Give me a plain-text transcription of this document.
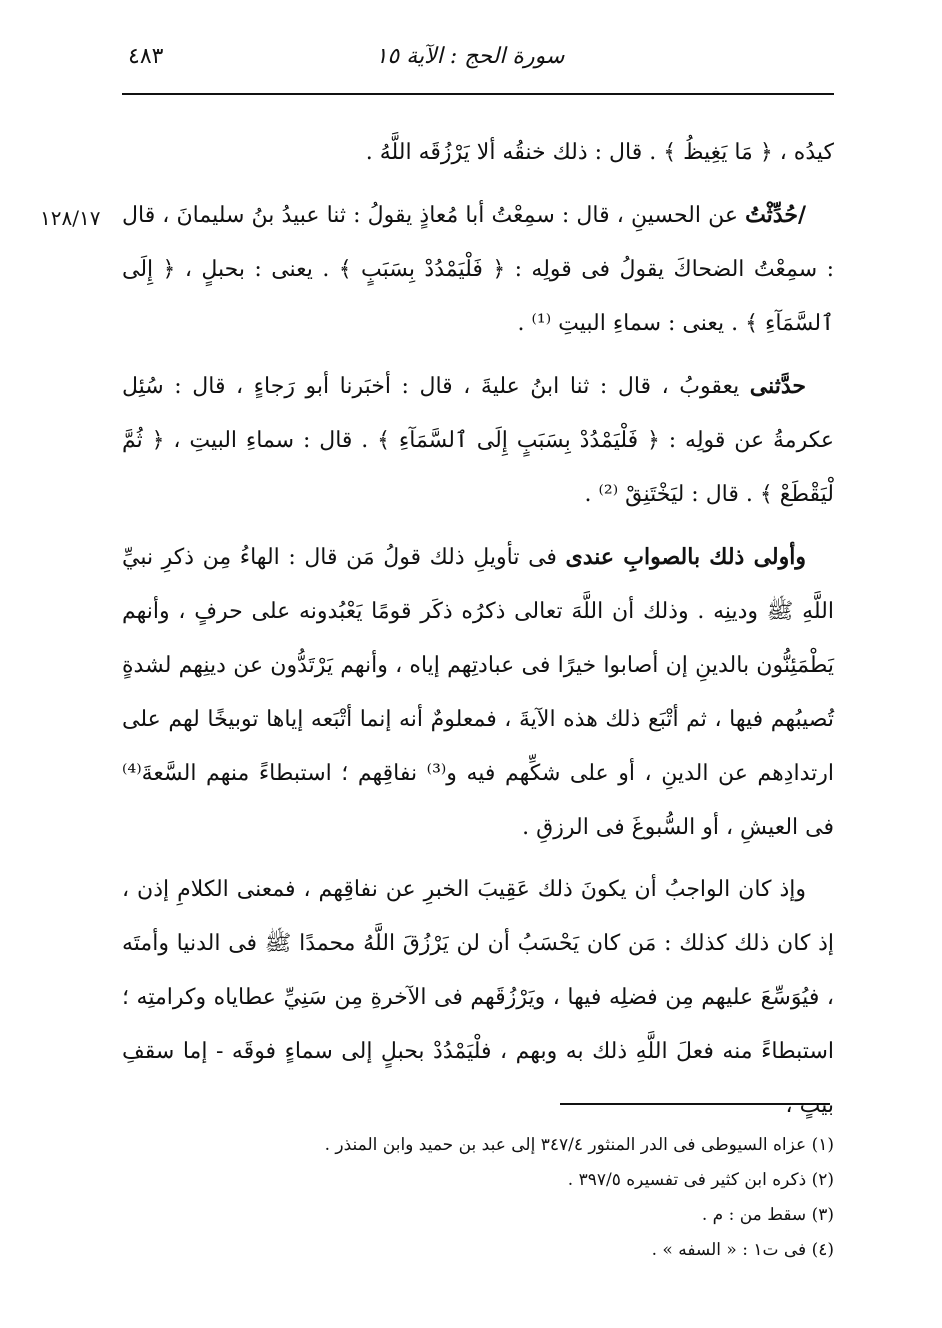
٤٨٣	سورة الحج : الآية ١٥
١٢٨/١٧

كيدُه ، ﴿ مَا يَغِيظُ ﴾ . قال : ذلك خنقُه ألا يَرْزُقَه اللَّهُ .

/حُدِّثْتُ عن الحسينِ ، قال : سمِعْتُ أبا مُعاذٍ يقولُ : ثنا عبيدُ بنُ سليمانَ ، قال : سمِعْتُ الضحاكَ يقولُ فى قولِه : ﴿ فَلْيَمْدُدْ بِسَبَبٍ ﴾ . يعنى : بحبلٍ ، ﴿ إِلَى ٱلسَّمَآءِ ﴾ . يعنى : سماءِ البيتِ ⁽¹⁾ .

حدَّثنى يعقوبُ ، قال : ثنا ابنُ عليةَ ، قال : أخبَرنا أبو رَجاءٍ ، قال : سُئِل عكرمةُ عن قولِه : ﴿ فَلْيَمْدُدْ بِسَبَبٍ إِلَى ٱلسَّمَآءِ ﴾ . قال : سماءِ البيتِ ، ﴿ ثُمَّ لْيَقْطَعْ ﴾ . قال : ليَخْتَنِقْ ⁽²⁾ .

وأولى ذلك بالصوابِ عندى فى تأويلِ ذلك قولُ مَن قال : الهاءُ مِن ذكرِ نبيِّ اللَّهِ ﷺ ودينِه . وذلك أن اللَّهَ تعالى ذكرُه ذكَر قومًا يَعْبُدونه على حرفٍ ، وأنهم يَطْمَئِنُّون بالدينِ إن أصابوا خيرًا فى عبادتِهم إياه ، وأنهم يَرْتَدُّون عن دينِهم لشدةٍ تُصيبُهم فيها ، ثم أتْبَع ذلك هذه الآيةَ ، فمعلومٌ أنه إنما أتْبَعه إياها توبيخًا لهم على ارتدادِهم عن الدينِ ، أو على شكِّهم فيه و⁽³⁾ نفاقِهم ؛ استبطاءً منهم السَّعةَ⁽⁴⁾ فى العيشِ ، أو السُّبوغَ فى الرزقِ .

وإذ كان الواجبُ أن يكونَ ذلك عَقِيبَ الخبرِ عن نفاقِهم ، فمعنى الكلامِ إذن ، إذ كان ذلك كذلك : مَن كان يَحْسَبُ أن لن يَرْزُقَ اللَّهُ محمدًا ﷺ فى الدنيا وأمتَه ، فيُوَسِّعَ عليهم مِن فضلِه فيها ، ويَرْزُقَهم فى الآخرةِ مِن سَنِيِّ عطاياه وكرامتِه ؛ استبطاءً منه فعلَ اللَّهِ ذلك به وبهم ، فلْيَمْدُدْ بحبلٍ إلى سماءٍ فوقَه - إما سقفِ بيتٍ ،

(١) عزاه السيوطى فى الدر المنثور ٣٤٧/٤ إلى عبد بن حميد وابن المنذر .

(٢) ذكره ابن كثير فى تفسيره ٣٩٧/٥ .

(٣) سقط من : م .

(٤) فى ت١ : « السفه » .
